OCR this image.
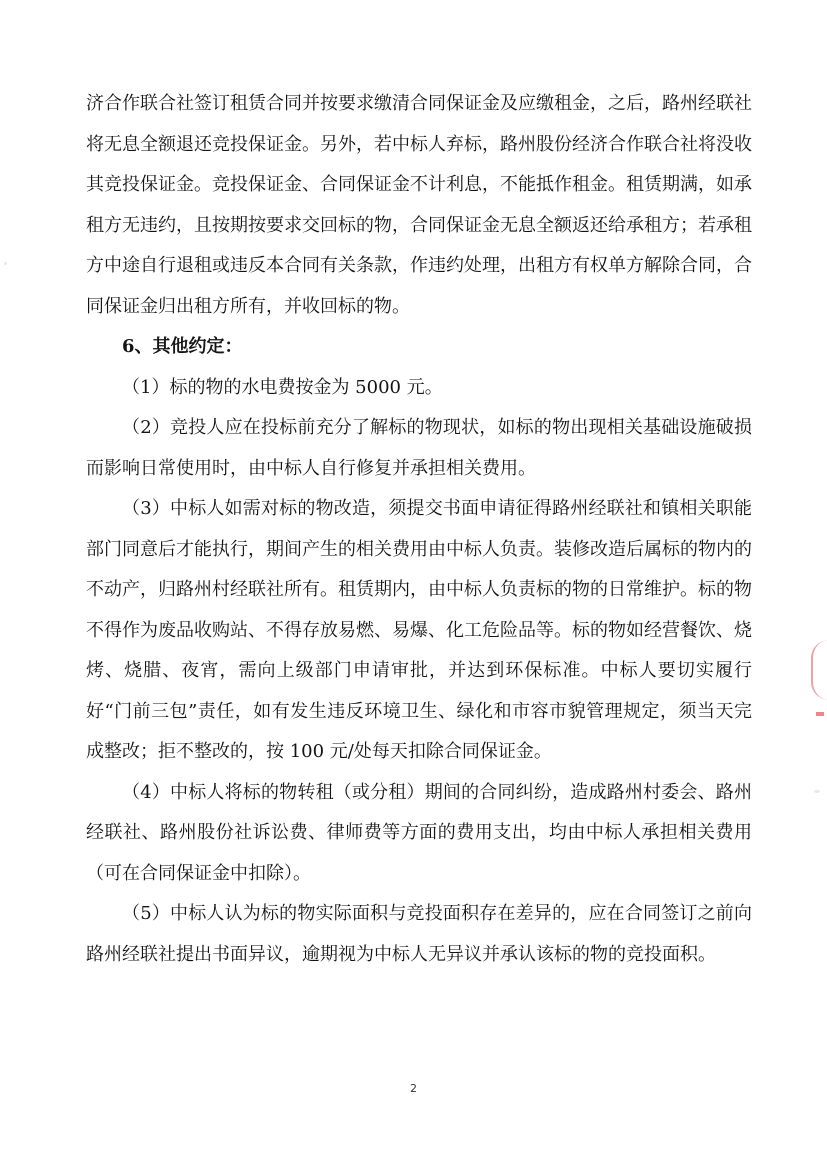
济合作联合社签订租赁合同并按要求缴清合同保证金及应缴租金，之后，路州经联社将无息全额退还竞投保证金。另外，若中标人弃标，路州股份经济合作联合社将没收其竞投保证金。竞投保证金、合同保证金不计利息，不能抵作租金。租赁期满，如承租方无违约，且按期按要求交回标的物，合同保证金无息全额返还给承租方；若承租方中途自行退租或违反本合同有关条款，作违约处理，出租方有权单方解除合同，合同保证金归出租方所有，并收回标的物。

6、其他约定：

（1）标的物的水电费按金为 5000 元。

（2）竞投人应在投标前充分了解标的物现状，如标的物出现相关基础设施破损而影响日常使用时，由中标人自行修复并承担相关费用。

（3）中标人如需对标的物改造，须提交书面申请征得路州经联社和镇相关职能部门同意后才能执行，期间产生的相关费用由中标人负责。装修改造后属标的物内的不动产，归路州村经联社所有。租赁期内，由中标人负责标的物的日常维护。标的物不得作为废品收购站、不得存放易燃、易爆、化工危险品等。标的物如经营餐饮、烧烤、烧腊、夜宵，需向上级部门申请审批，并达到环保标准。中标人要切实履行好“门前三包”责任，如有发生违反环境卫生、绿化和市容市貌管理规定，须当天完成整改；拒不整改的，按 100 元/处每天扣除合同保证金。

（4）中标人将标的物转租（或分租）期间的合同纠纷，造成路州村委会、路州经联社、路州股份社诉讼费、律师费等方面的费用支出，均由中标人承担相关费用（可在合同保证金中扣除）。

（5）中标人认为标的物实际面积与竞投面积存在差异的，应在合同签订之前向路州经联社提出书面异议，逾期视为中标人无异议并承认该标的物的竞投面积。

2
